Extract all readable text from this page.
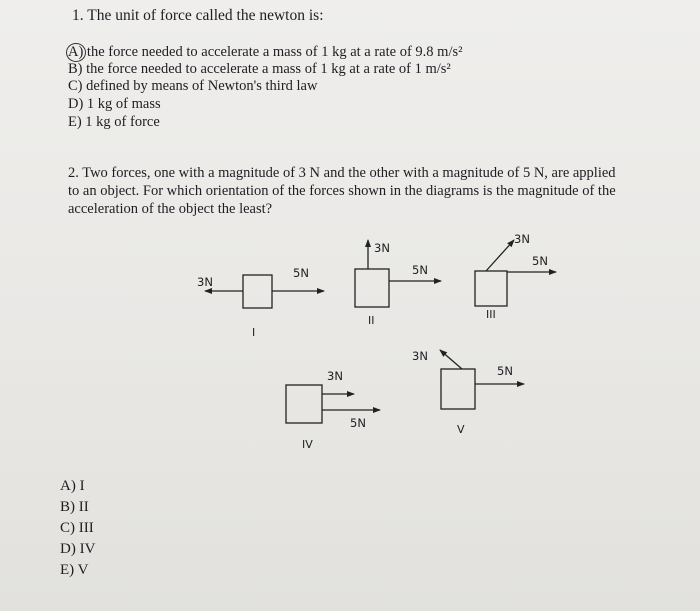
1. The unit of force called the newton is:
A) the force needed to accelerate a mass of 1 kg at a rate of 9.8 m/s²
B) the force needed to accelerate a mass of 1 kg at a rate of 1 m/s²
C) defined by means of Newton's third law
D) 1 kg of mass
E) 1 kg of force
2. Two forces, one with a magnitude of 3 N and the other with a magnitude of 5 N, are applied
to an object. For which orientation of the forces shown in the diagrams is the magnitude of the
acceleration of the object the least?
3N
5N
I
3N
5N
II
3N
5N
III
3N
5N
IV
3N
5N
V
A) I
B) II
C) III
D) IV
E) V
